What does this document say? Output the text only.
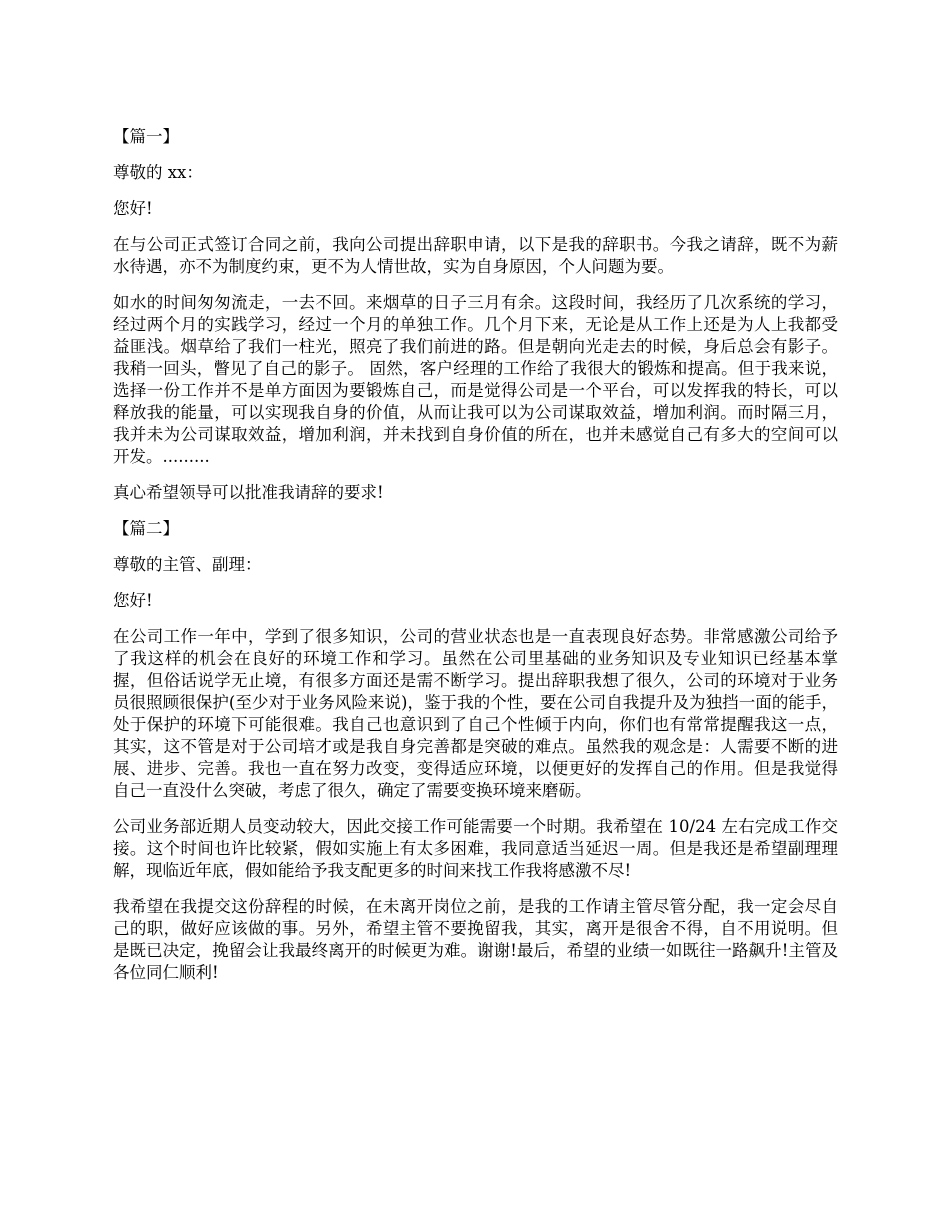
【篇一】

尊敬的 xx：

您好!

在与公司正式签订合同之前，我向公司提出辞职申请，以下是我的辞职书。今我之请辞，既不为薪水待遇，亦不为制度约束，更不为人情世故，实为自身原因，个人问题为要。

如水的时间匆匆流走，一去不回。来烟草的日子三月有余。这段时间，我经历了几次系统的学习，经过两个月的实践学习，经过一个月的单独工作。几个月下来，无论是从工作上还是为人上我都受益匪浅。烟草给了我们一柱光，照亮了我们前进的路。但是朝向光走去的时候，身后总会有影子。我稍一回头，瞥见了自己的影子。 固然，客户经理的工作给了我很大的锻炼和提高。但于我来说，选择一份工作并不是单方面因为要锻炼自己，而是觉得公司是一个平台，可以发挥我的特长，可以释放我的能量，可以实现我自身的价值，从而让我可以为公司谋取效益，增加利润。而时隔三月，我并未为公司谋取效益，增加利润，并未找到自身价值的所在，也并未感觉自己有多大的空间可以开发。.........

真心希望领导可以批准我请辞的要求!

【篇二】

尊敬的主管、副理：

您好!

在公司工作一年中，学到了很多知识，公司的营业状态也是一直表现良好态势。非常感激公司给予了我这样的机会在良好的环境工作和学习。虽然在公司里基础的业务知识及专业知识已经基本掌握，但俗话说学无止境，有很多方面还是需不断学习。提出辞职我想了很久，公司的环境对于业务员很照顾很保护(至少对于业务风险来说)，鉴于我的个性，要在公司自我提升及为独挡一面的能手，处于保护的环境下可能很难。我自己也意识到了自己个性倾于内向，你们也有常常提醒我这一点，其实，这不管是对于公司培才或是我自身完善都是突破的难点。虽然我的观念是：人需要不断的进展、进步、完善。我也一直在努力改变，变得适应环境，以便更好的发挥自己的作用。但是我觉得自己一直没什么突破，考虑了很久，确定了需要变换环境来磨砺。

公司业务部近期人员变动较大，因此交接工作可能需要一个时期。我希望在 10/24 左右完成工作交接。这个时间也许比较紧，假如实施上有太多困难，我同意适当延迟一周。但是我还是希望副理理解，现临近年底，假如能给予我支配更多的时间来找工作我将感激不尽!

我希望在我提交这份辞程的时候，在未离开岗位之前，是我的工作请主管尽管分配，我一定会尽自己的职，做好应该做的事。另外，希望主管不要挽留我，其实，离开是很舍不得，自不用说明。但是既已决定，挽留会让我最终离开的时候更为难。谢谢!最后，希望的业绩一如既往一路飙升!主管及各位同仁顺利!
